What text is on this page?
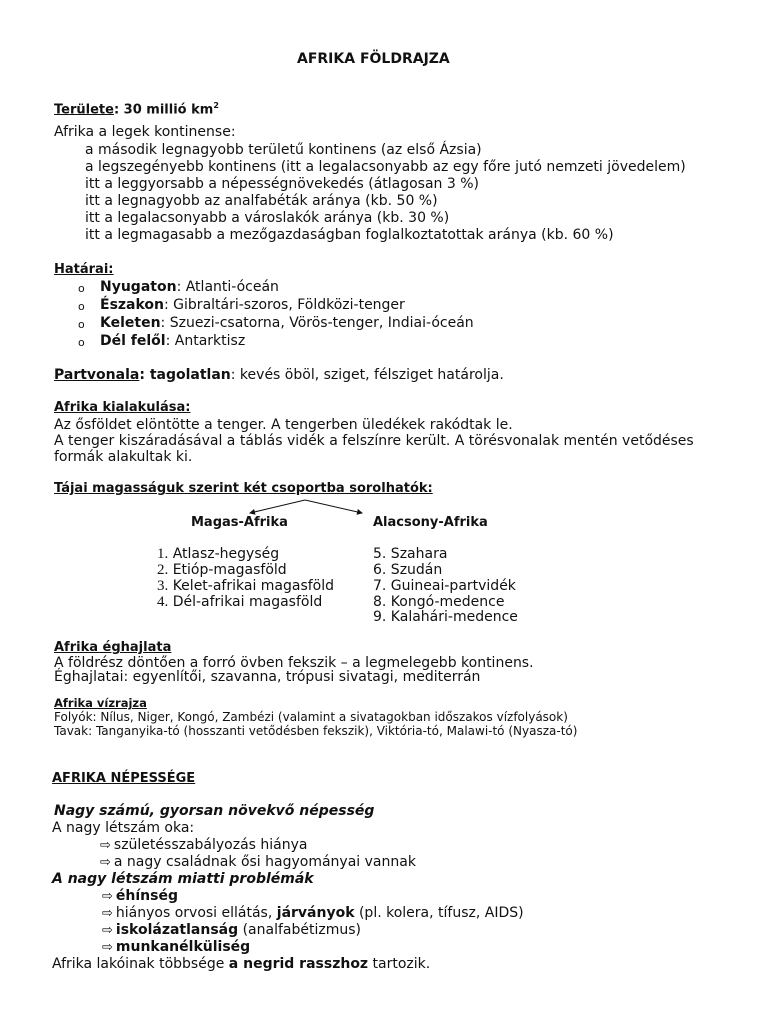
AFRIKA FÖLDRAJZA
Területe: 30 millió $km^2$
Afrika a legek kontinense:
a második legnagyobb területű kontinens (az első Ázsia)
a legszegényebb kontinens (itt a legalacsonyabb az egy főre jutó nemzeti jövedelem)
itt a leggyorsabb a népességnövekedés (átlagosan 3 %)
itt a legnagyobb az analfabéták aránya (kb. 50 %)
itt a legalacsonyabb a városlakók aránya (kb. 30 %)
itt a legmagasabb a mezőgazdaságban foglalkoztatottak aránya (kb. 60 %)
Határai:
o Nyugaton: Atlanti-óceán
o Északon: Gibraltári-szoros, Földközi-tenger
o Keleten: Szuezi-csatorna, Vörös-tenger, Indiai-óceán
o Dél felől: Antarktisz
Partvonala: tagolatlan: kevés öböl, sziget, félsziget határolja.
Afrika kialakulása:
Az ősföldet elöntötte a tenger. A tengerben üledékek rakódtak le.
A tenger kiszáradásával a táblás vidék a felszínre került. A törésvonalak mentén vetődéses
formák alakultak ki.
Tájai magasságuk szerint két csoportba sorolhatók:
Magas-Afrika	Alacsony-Afrika
1. Atlasz-hegység
2. Etióp-magasföld
3. Kelet-afrikai magasföld
4. Dél-afrikai magasföld
5. Szahara
6. Szudán
7. Guineai-partvidék
8. Kongó-medence
9. Kalahári-medence
Afrika éghajlata
A földrész döntően a forró övben fekszik – a legmelegebb kontinens.
Éghajlatai: egyenlítői, szavanna, trópusi sivatagi, mediterrán
Afrika vízrajza
Folyók: Nílus, Niger, Kongó, Zambézi (valamint a sivatagokban időszakos vízfolyások)
Tavak: Tanganyika-tó (hosszanti vetődésben fekszik), Viktória-tó, Malawi-tó (Nyasza-tó)
AFRIKA NÉPESSÉGE
Nagy számú, gyorsan növekvő népesség
A nagy létszám oka:
⇨ születésszabályozás hiánya
⇨ a nagy családnak ősi hagyományai vannak
A nagy létszám miatti problémák
⇨ éhínség
⇨ hiányos orvosi ellátás, járványok (pl. kolera, tífusz, AIDS)
⇨ iskolázatlanság (analfabétizmus)
⇨ munkanélküliség
Afrika lakóinak többsége a negrid rasszhoz tartozik.
